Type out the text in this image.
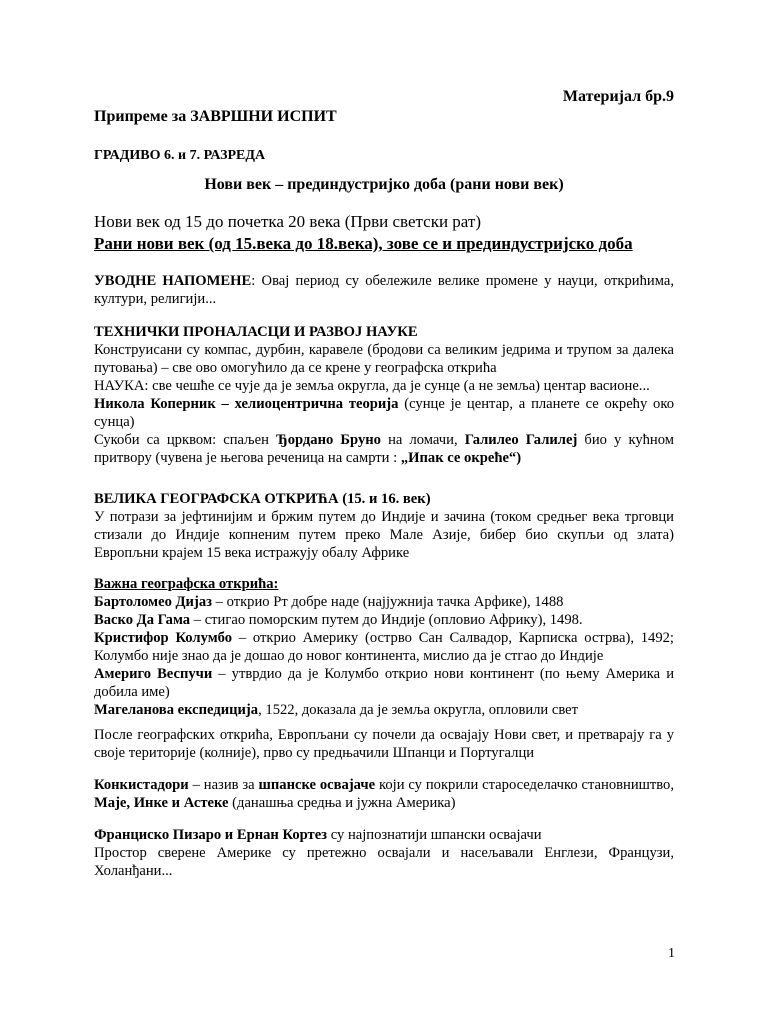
Материјал бр.9
Припреме за ЗАВРШНИ ИСПИТ
ГРАДИВО 6. и 7. РАЗРЕДА
Нови век – прединдустријко доба (рани нови век)
Нови век од 15 до почетка 20 века (Први светски рат)
Рани нови век (од 15.века до 18.века), зове се и прединдустријско доба

УВОДНЕ НАПОМЕНЕ: Овај период су обележиле велике промене у науци, открићима, култури, религији...

ТЕХНИЧКИ ПРОНАЛАСЦИ И РАЗВОЈ НАУКЕ

Конструисани су компас, дурбин, каравеле (бродови са великим једрима и трупом за далека путовања) – све ово омогућило да се крене у географска открића

НАУКА: све чешће се чује да је земља округла, да је сунце (а не земља) центар васионе...

Никола Коперник – хелиоцентрична теорија (сунце је центар, а планете се окрећу око сунца)

Сукоби са црквом: спаљен Ђордано Бруно на ломачи, Галилео Галилеј био у кућном притвору (чувена је његова реченица на самрти : „Ипак се окреће“)

ВЕЛИКА ГЕОГРАФСКА ОТКРИЋА (15. и 16. век)

У потрази за јефтинијим и бржим путем до Индије и зачина (током средњег века трговци стизали до Индије копненим путем преко Мале Азије, бибер био скупљи од злата) Европљни крајем 15 века истражују обалу Африке

Важна географска открића:

Бартоломео Дијаз – открио Рт добре наде (најјужнија тачка Арфике), 1488

Васко Да Гама – стигао поморским путем до Индије (опловио Африку), 1498.

Кристифор Колумбо – открио Америку (острво Сан Салвадор, Карписка острва), 1492; Колумбо није знао да је дошао до новог континента, мислио да је стгао до Индије

Америго Веспучи – утврдио да је Колумбо открио нови континент (по њему Америка и добила име)

Магеланова експедиција, 1522, доказала да је земља округла, опловили свет

После географских открића, Европљани су почели да освајају Нови свет, и претварају га у своје територије (колније), прво су предњачили Шпанци и Португалци

Конкистадори – назив за шпанске освајаче који су покрили староседелачко становништво, Маје, Инке и Астеке (данашња средња и јужна Америка)

Франциско Пизаро и Ернан Кортез су најпознатији шпански освајачи

Простор сверене Америке су претежно освајали и насељавали Енглези, Французи, Холанђани...

1
